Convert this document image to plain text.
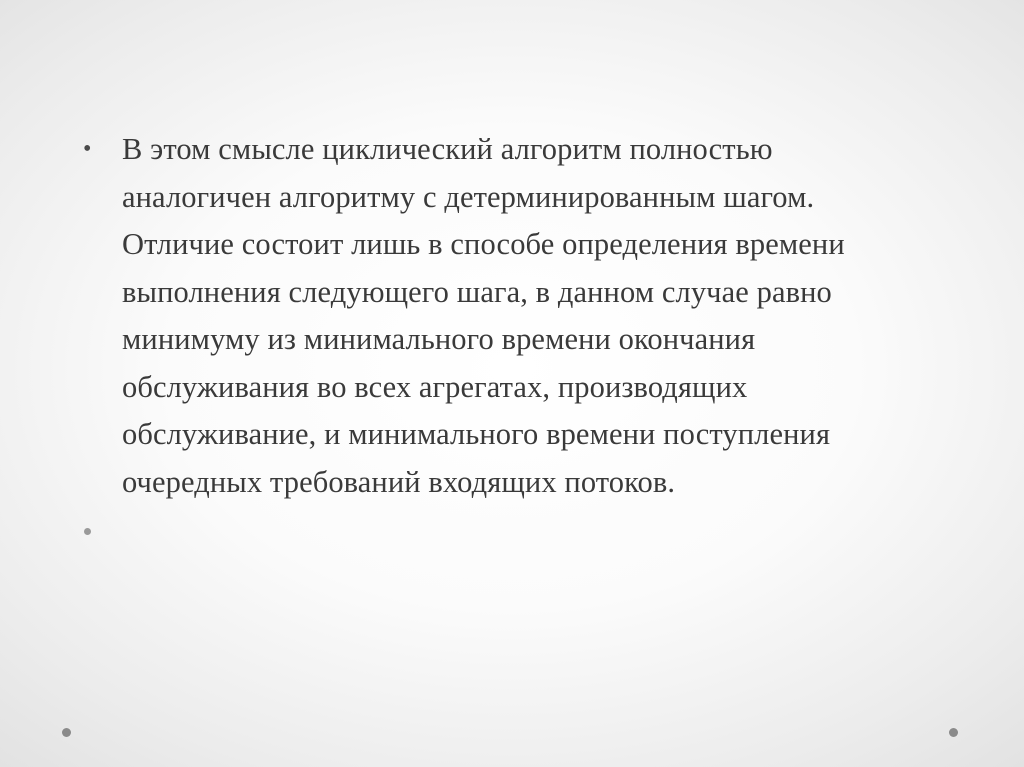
• В этом смысле циклический алгоритм полностью аналогичен алгоритму с детерминированным шагом. Отличие состоит лишь в способе определения времени выполнения следующего шага, в данном случае равно минимуму из минимального времени окончания обслуживания во всех агрегатах, производящих обслуживание, и минимального времени поступления очередных требований входящих потоков.
